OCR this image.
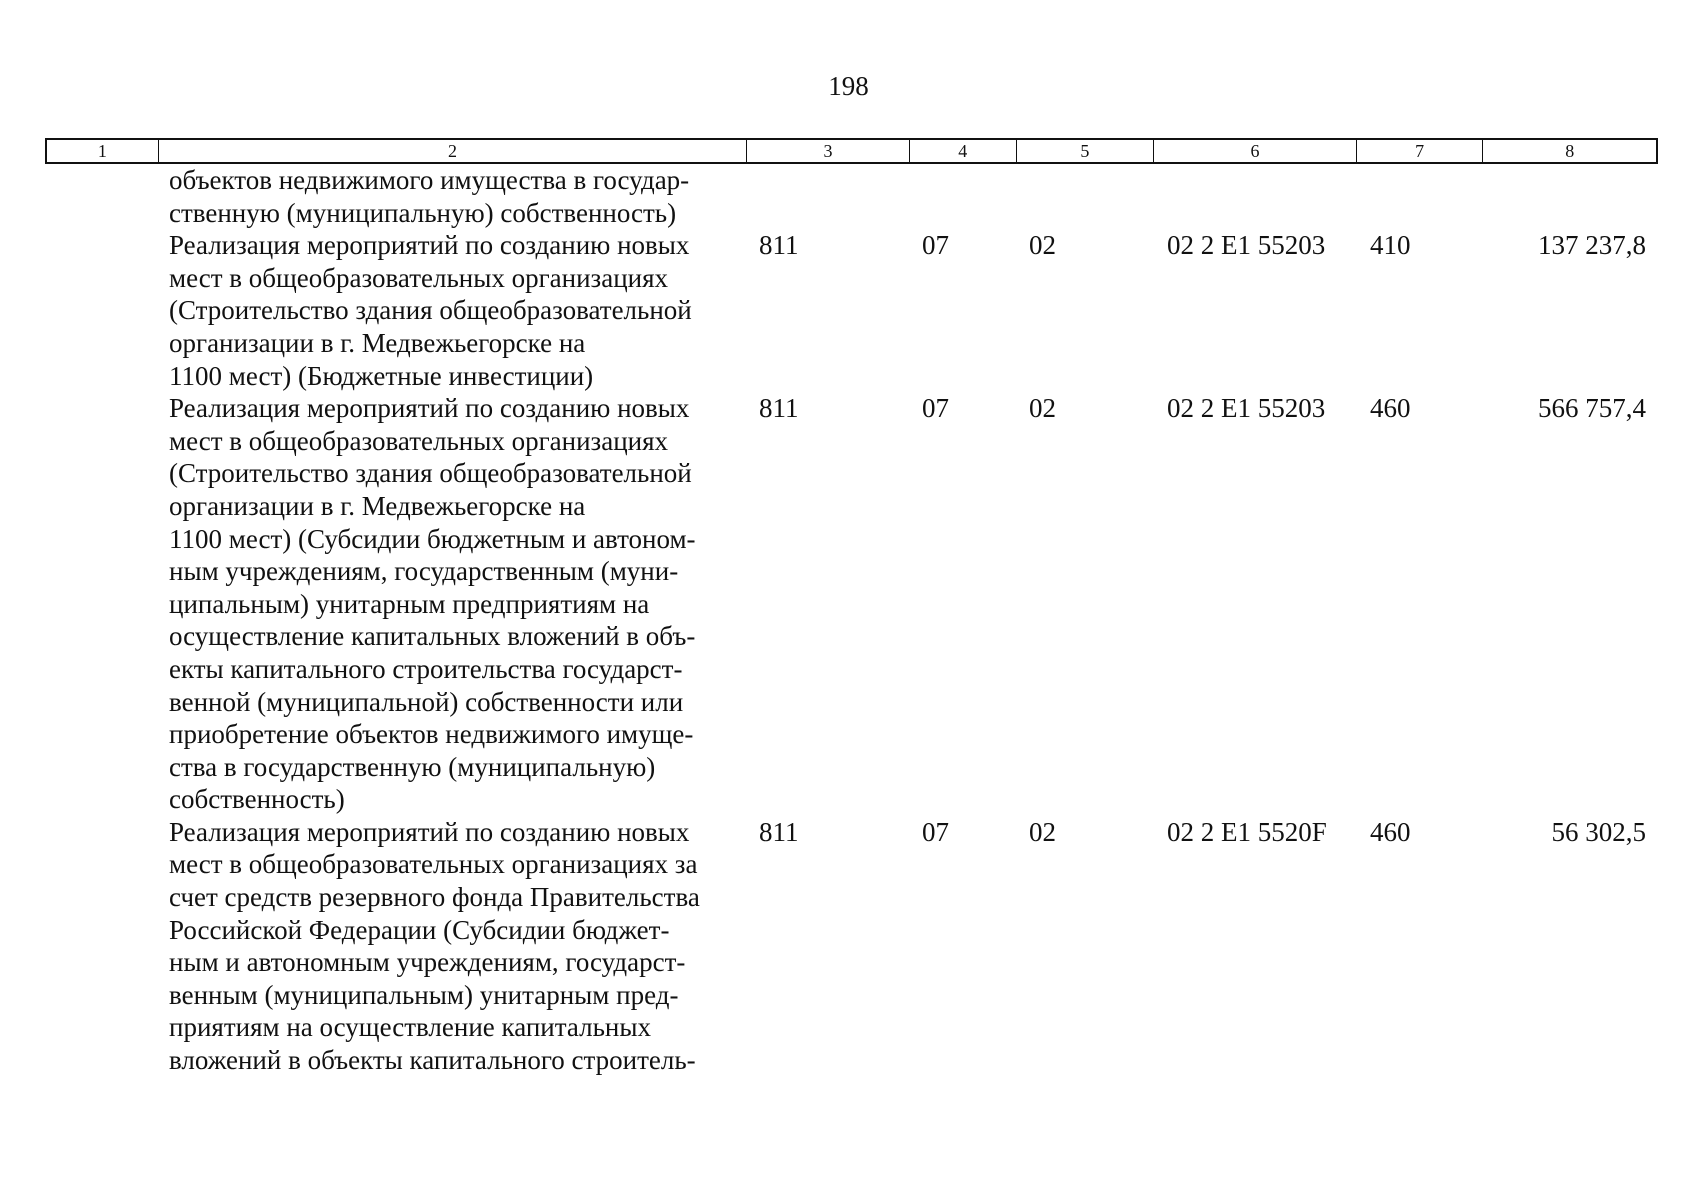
198
1	2	3	4	5	6	7	8
объектов недвижимого имущества в государ-
ственную (муниципальную) собственность)
Реализация мероприятий по созданию новых
мест в общеобразовательных организациях
(Строительство здания общеобразовательной
организации в г. Медвежьегорске на
1100 мест) (Бюджетные инвестиции)
811	07	02	02 2 E1 55203	410	137 237,8
Реализация мероприятий по созданию новых
мест в общеобразовательных организациях
(Строительство здания общеобразовательной
организации в г. Медвежьегорске на
1100 мест) (Субсидии бюджетным и автоном-
ным учреждениям, государственным (муни-
ципальным) унитарным предприятиям на
осуществление капитальных вложений в объ-
екты капитального строительства государст-
венной (муниципальной) собственности или
приобретение объектов недвижимого имуще-
ства в государственную (муниципальную)
собственность)
811	07	02	02 2 E1 55203	460	566 757,4
Реализация мероприятий по созданию новых
мест в общеобразовательных организациях за
счет средств резервного фонда Правительства
Российской Федерации (Субсидии бюджет-
ным и автономным учреждениям, государст-
венным (муниципальным) унитарным пред-
приятиям на осуществление капитальных
вложений в объекты капитального строитель-
811	07	02	02 2 E1 5520F	460	56 302,5
